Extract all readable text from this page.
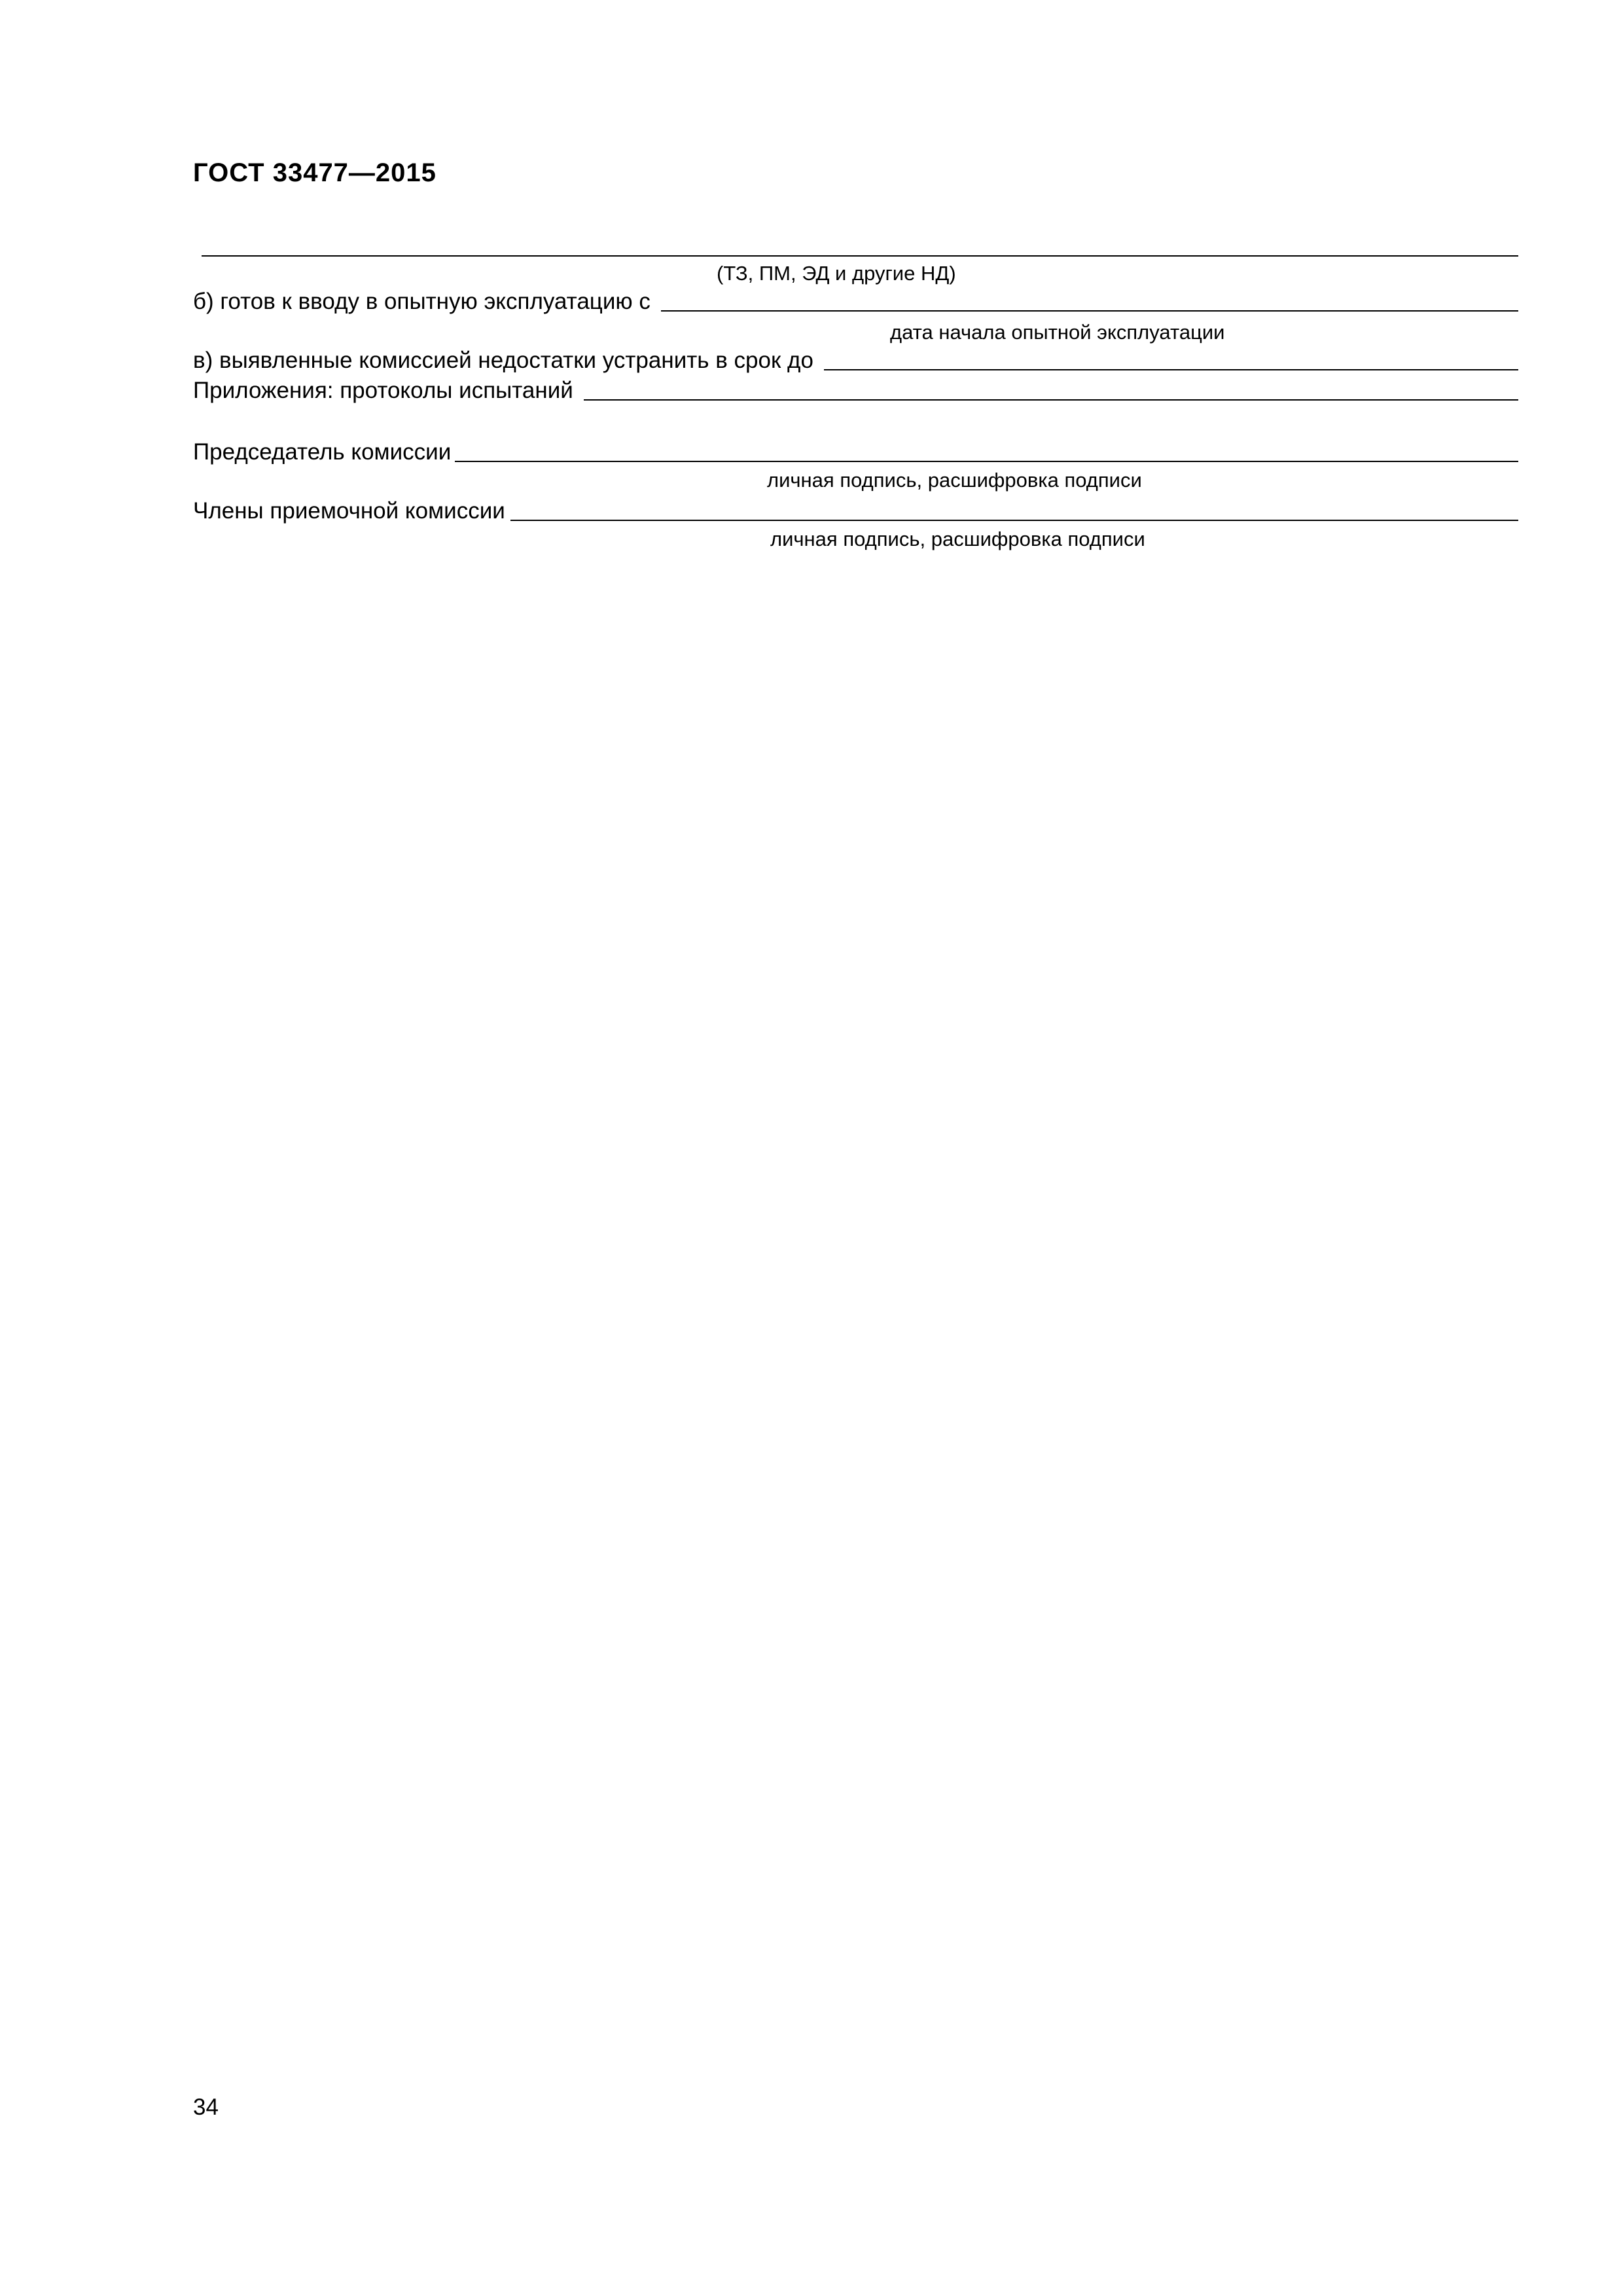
ГОСТ 33477—2015
(ТЗ, ПМ, ЭД и другие НД)
б) готов к вводу в опытную эксплуатацию с
дата начала опытной эксплуатации
в) выявленные комиссией недостатки устранить в срок до
Приложения: протоколы испытаний
Председатель комиссии
личная подпись, расшифровка подписи
Члены приемочной комиссии
личная подпись, расшифровка подписи
34
